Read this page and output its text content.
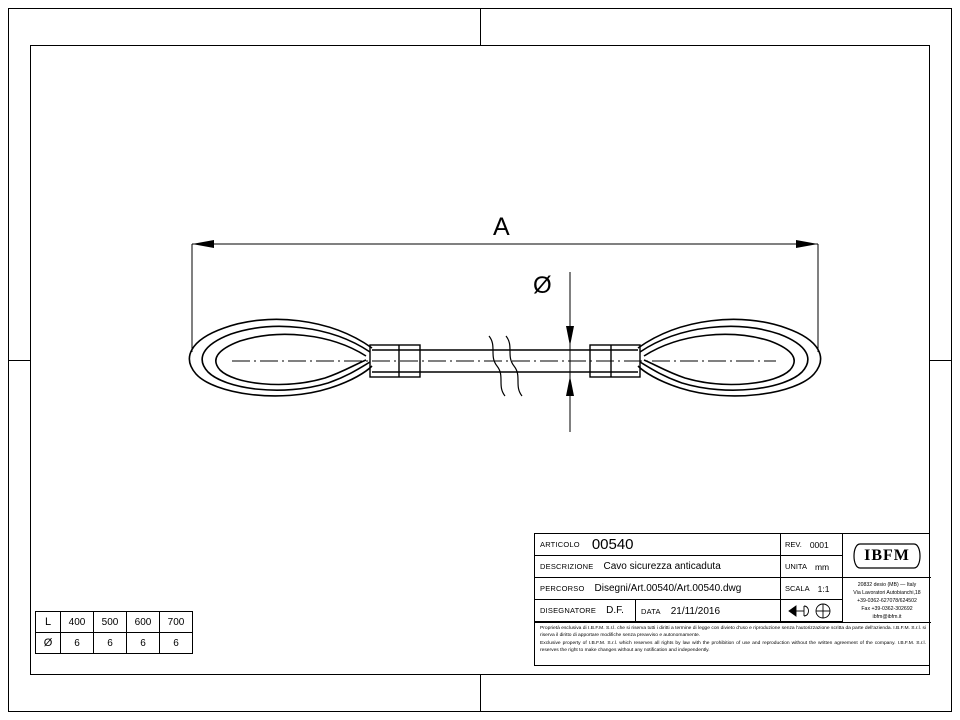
A
Ø
L	400	500	600	700
Ø	6	6	6	6
ARTICOLO 00540
DESCRIZIONE	Cavo sicurezza anticaduta
PERCORSO	Disegni/Art.00540/Art.00540.dwg
DISEGNATORE	D.F.
REV. 0001
UNITA mm
SCALA 1:1
DATA	21/11/2016
IBFM
20832 desio (MB) — Italy
Via Lavoratori Autobianchi,18
+39-0362-627078/624502
Fax +39-0362-302692
ibfm@ibfm.it

Proprietà esclusiva di I.B.F.M. S.r.l. che si riserva tutti i diritti a termine di legge con divieto d'uso e riproduzione senza l'autorizzazione scritta da parte dell'azienda. I.B.F.M. S.r.l. si riserva il diritto di apportare modifiche senza preavviso e autonomamente.

Exclusive property of I.B.F.M. S.r.l. which reserves all rights by law with the prohibition of use and reproduction without the written agreement of the company. I.B.F.M. S.r.l. reserves the right to make changes without any notification and independently.
